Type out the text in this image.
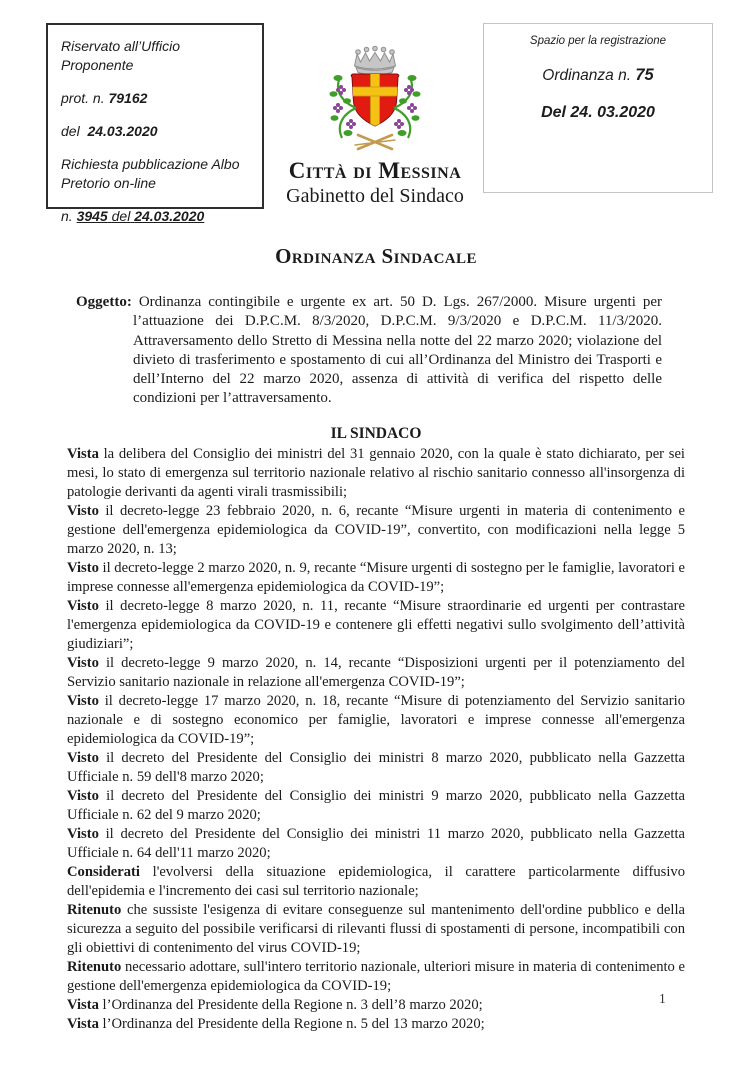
Riservato all’Ufficio Proponente

prot. n. 79162

del 24.03.2020

Richiesta pubblicazione Albo Pretorio on-line

n. 3945 del 24.03.2020

Spazio per la registrazione

Ordinanza n. 75

Del 24. 03.2020

Città di Messina

Gabinetto del Sindaco

Ordinanza Sindacale

Oggetto: Ordinanza contingibile e urgente ex art. 50 D. Lgs. 267/2000. Misure urgenti per l’attuazione dei D.P.C.M. 8/3/2020, D.P.C.M. 9/3/2020 e D.P.C.M. 11/3/2020. Attraversamento dello Stretto di Messina nella notte del 22 marzo 2020; violazione del divieto di trasferimento e spostamento di cui all’Ordinanza del Ministro dei Trasporti e dell’Interno del 22 marzo 2020, assenza di attività di verifica del rispetto delle condizioni per l’attraversamento.

IL SINDACO

Vista la delibera del Consiglio dei ministri del 31 gennaio 2020, con la quale è stato dichiarato, per sei mesi, lo stato di emergenza sul territorio nazionale relativo al rischio sanitario connesso all'insorgenza di patologie derivanti da agenti virali trasmissibili;

Visto il decreto-legge 23 febbraio 2020, n. 6, recante “Misure urgenti in materia di contenimento e gestione dell'emergenza epidemiologica da COVID-19”, convertito, con modificazioni nella legge 5 marzo 2020, n. 13;

Visto il decreto-legge 2 marzo 2020, n. 9, recante “Misure urgenti di sostegno per le famiglie, lavoratori e imprese connesse all'emergenza epidemiologica da COVID-19”;

Visto il decreto-legge 8 marzo 2020, n. 11, recante “Misure straordinarie ed urgenti per contrastare l'emergenza epidemiologica da COVID-19 e contenere gli effetti negativi sullo svolgimento dell’attività giudiziari”;

Visto il decreto-legge 9 marzo 2020, n. 14, recante “Disposizioni urgenti per il potenziamento del Servizio sanitario nazionale in relazione all'emergenza COVID-19”;

Visto il decreto-legge 17 marzo 2020, n. 18, recante “Misure di potenziamento del Servizio sanitario nazionale e di sostegno economico per famiglie, lavoratori e imprese connesse all'emergenza epidemiologica da COVID-19”;

Visto il decreto del Presidente del Consiglio dei ministri 8 marzo 2020, pubblicato nella Gazzetta Ufficiale n. 59 dell'8 marzo 2020;

Visto il decreto del Presidente del Consiglio dei ministri 9 marzo 2020, pubblicato nella Gazzetta Ufficiale n. 62 del 9 marzo 2020;

Visto il decreto del Presidente del Consiglio dei ministri 11 marzo 2020, pubblicato nella Gazzetta Ufficiale n. 64 dell'11 marzo 2020;

Considerati l'evolversi della situazione epidemiologica, il carattere particolarmente diffusivo dell'epidemia e l'incremento dei casi sul territorio nazionale;

Ritenuto che sussiste l'esigenza di evitare conseguenze sul mantenimento dell'ordine pubblico e della sicurezza a seguito del possibile verificarsi di rilevanti flussi di spostamenti di persone, incompatibili con gli obiettivi di contenimento del virus COVID-19;

Ritenuto necessario adottare, sull'intero territorio nazionale, ulteriori misure in materia di contenimento e gestione dell'emergenza epidemiologica da COVID-19;

Vista l’Ordinanza del Presidente della Regione n. 3 dell’8 marzo 2020;

Vista l’Ordinanza del Presidente della Regione n. 5 del 13 marzo 2020;

1
